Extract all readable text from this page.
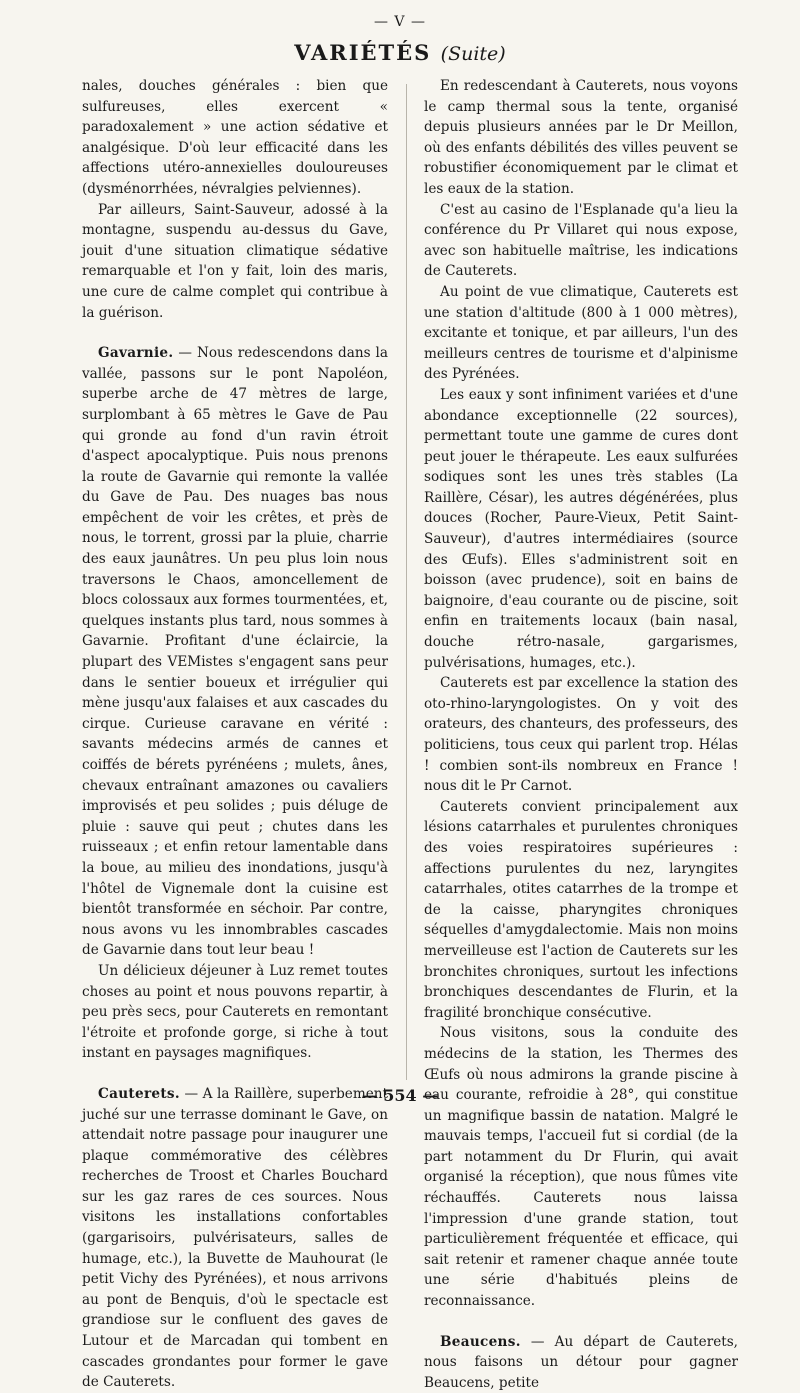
— V —
VARIÉTÉS (Suite)

nales, douches générales : bien que sulfureuses, elles exercent « paradoxalement » une action sédative et analgésique. D'où leur efficacité dans les affections utéro-annexielles douloureuses (dysménorrhées, névralgies pelviennes).

Par ailleurs, Saint-Sauveur, adossé à la montagne, suspendu au-dessus du Gave, jouit d'une situation climatique sédative remarquable et l'on y fait, loin des maris, une cure de calme complet qui contribue à la guérison.

Gavarnie. — Nous redescendons dans la vallée, passons sur le pont Napoléon, superbe arche de 47 mètres de large, surplombant à 65 mètres le Gave de Pau qui gronde au fond d'un ravin étroit d'aspect apocalyptique. Puis nous prenons la route de Gavarnie qui remonte la vallée du Gave de Pau. Des nuages bas nous empêchent de voir les crêtes, et près de nous, le torrent, grossi par la pluie, charrie des eaux jaunâtres. Un peu plus loin nous traversons le Chaos, amoncellement de blocs colossaux aux formes tourmentées, et, quelques instants plus tard, nous sommes à Gavarnie. Profitant d'une éclaircie, la plupart des VEMistes s'engagent sans peur dans le sentier boueux et irrégulier qui mène jusqu'aux falaises et aux cascades du cirque. Curieuse caravane en vérité : savants médecins armés de cannes et coiffés de bérets pyrénéens ; mulets, ânes, chevaux entraînant amazones ou cavaliers improvisés et peu solides ; puis déluge de pluie : sauve qui peut ; chutes dans les ruisseaux ; et enfin retour lamentable dans la boue, au milieu des inondations, jusqu'à l'hôtel de Vignemale dont la cuisine est bientôt transformée en séchoir. Par contre, nous avons vu les innombrables cascades de Gavarnie dans tout leur beau !

Un délicieux déjeuner à Luz remet toutes choses au point et nous pouvons repartir, à peu près secs, pour Cauterets en remontant l'étroite et profonde gorge, si riche à tout instant en paysages magnifiques.

Cauterets. — A la Raillère, superbement juché sur une terrasse dominant le Gave, on attendait notre passage pour inaugurer une plaque commémorative des célèbres recherches de Troost et Charles Bouchard sur les gaz rares de ces sources. Nous visitons les installations confortables (gargarisoirs, pulvérisateurs, salles de humage, etc.), la Buvette de Mauhourat (le petit Vichy des Pyrénées), et nous arrivons au pont de Benquis, d'où le spectacle est grandiose sur le confluent des gaves de Lutour et de Marcadan qui tombent en cascades grondantes pour former le gave de Cauterets.

En redescendant à Cauterets, nous voyons le camp thermal sous la tente, organisé depuis plusieurs années par le Dr Meillon, où des enfants débilités des villes peuvent se robustifier économiquement par le climat et les eaux de la station.

C'est au casino de l'Esplanade qu'a lieu la conférence du Pr Villaret qui nous expose, avec son habituelle maîtrise, les indications de Cauterets.

Au point de vue climatique, Cauterets est une station d'altitude (800 à 1 000 mètres), excitante et tonique, et par ailleurs, l'un des meilleurs centres de tourisme et d'alpinisme des Pyrénées.

Les eaux y sont infiniment variées et d'une abondance exceptionnelle (22 sources), permettant toute une gamme de cures dont peut jouer le thérapeute. Les eaux sulfurées sodiques sont les unes très stables (La Raillère, César), les autres dégénérées, plus douces (Rocher, Paure-Vieux, Petit Saint-Sauveur), d'autres intermédiaires (source des Œufs). Elles s'administrent soit en boisson (avec prudence), soit en bains de baignoire, d'eau courante ou de piscine, soit enfin en traitements locaux (bain nasal, douche rétro-nasale, gargarismes, pulvérisations, humages, etc.).

Cauterets est par excellence la station des oto-rhino-laryngologistes. On y voit des orateurs, des chanteurs, des professeurs, des politiciens, tous ceux qui parlent trop. Hélas ! combien sont-ils nombreux en France ! nous dit le Pr Carnot.

Cauterets convient principalement aux lésions catarrhales et purulentes chroniques des voies respiratoires supérieures : affections purulentes du nez, laryngites catarrhales, otites catarrhes de la trompe et de la caisse, pharyngites chroniques séquelles d'amygdalectomie. Mais non moins merveilleuse est l'action de Cauterets sur les bronchites chroniques, surtout les infections bronchiques descendantes de Flurin, et la fragilité bronchique consécutive.

Nous visitons, sous la conduite des médecins de la station, les Thermes des Œufs où nous admirons la grande piscine à eau courante, refroidie à 28°, qui constitue un magnifique bassin de natation. Malgré le mauvais temps, l'accueil fut si cordial (de la part notamment du Dr Flurin, qui avait organisé la réception), que nous fûmes vite réchauffés. Cauterets nous laissa l'impression d'une grande station, tout particulièrement fréquentée et efficace, qui sait retenir et ramener chaque année toute une série d'habitués pleins de reconnaissance.

Beaucens. — Au départ de Cauterets, nous faisons un détour pour gagner Beaucens, petite

— 554 —
